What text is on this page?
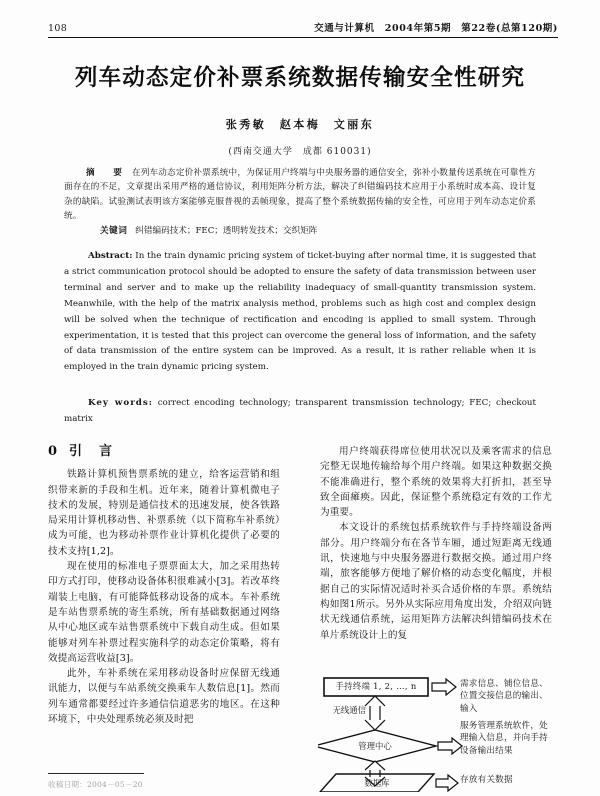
108	交通与计算机　2004年第5期　第22卷(总第120期)
列车动态定价补票系统数据传输安全性研究
张秀敏　赵本梅　文丽东
(西南交通大学　成都 610031)
摘　要 在列车动态定价补票系统中，为保证用户终端与中央服务器的通信安全，弥补小数量传送系统在可靠性方面存在的不足，文章提出采用严格的通信协议，利用矩阵分析方法，解决了纠错编码技术应用于小系统时成本高、设计复杂的缺陷。试验测试表明该方案能够克服普视的丢帧现象，提高了整个系统数据传输的安全性，可应用于列车动态定价系统。
关键词 纠错编码技术；FEC；透明转发技术；交织矩阵
Abstract: In the train dynamic pricing system of ticket-buying after normal time, it is suggested that a strict communication protocol should be adopted to ensure the safety of data transmission between user terminal and server and to make up the reliability inadequacy of small-quantity transmission system. Meanwhile, with the help of the matrix analysis method, problems such as high cost and complex design will be solved when the technique of rectification and encoding is applied to small system. Through experimentation, it is tested that this project can overcome the general loss of information, and the safety of data transmission of the entire system can be improved. As a result, it is rather reliable when it is employed in the train dynamic pricing system.
Key words: correct encoding technology; transparent transmission technology; FEC; checkout matrix
0 引　言

铁路计算机预售票系统的建立，给客运营销和组织带来新的手段和生机。近年来，随着计算机微电子技术的发展，特别是通信技术的迅速发展，使各铁路局采用计算机移动售、补票系统（以下简称车补系统）成为可能，也为移动补票作业计算机化提供了必要的技术支持[1,2]。

现在使用的标准电子票票面太大，加之采用热转印方式打印，使移动设备体积很难减小[3]。若改革终端装上电脑，有可能降低移动设备的成本。车补系统是车站售票系统的寄生系统，所有基础数据通过网络从中心地区或车站售票系统中下载自动生成。但如果能够对列车补票过程实施科学的动态定价策略，将有效提高运营收益[3]。

此外，车补系统在采用移动设备时应保留无线通讯能力，以便与车站系统交换乘车人数信息[1]。然而列车通常都要经过许多通信信道恶劣的地区。在这种环境下，中央处理系统必须及时把

用户终端获得席位使用状况以及乘客需求的信息完整无误地传输给每个用户终端。如果这种数据交换不能准确进行，整个系统的效果将大打折扣，甚至导致全面瘫痪。因此，保证整个系统稳定有效的工作尤为重要。

本文设计的系统包括系统软件与手持终端设备两部分。用户终端分布在各节车厢，通过短距离无线通讯，快速地与中央服务器进行数据交换。通过用户终端，旅客能够方便地了解价格的动态变化幅度，并根据自己的实际情况适时补买合适价格的车票。系统结构如图1所示。另外从实际应用角度出发，介绍双向链状无线通信系统，运用矩阵方法解决纠错编码技术在单片系统设计上的复

收稿日期：2004－05－20
手持终端 1, 2, …, n
无线通信
管理中心
数据库
需求信息、铺位信息、位置交接信息的输出、输入
服务管理系统软件，处理输入信息，并向手持设备输出结果
存放有关数据
